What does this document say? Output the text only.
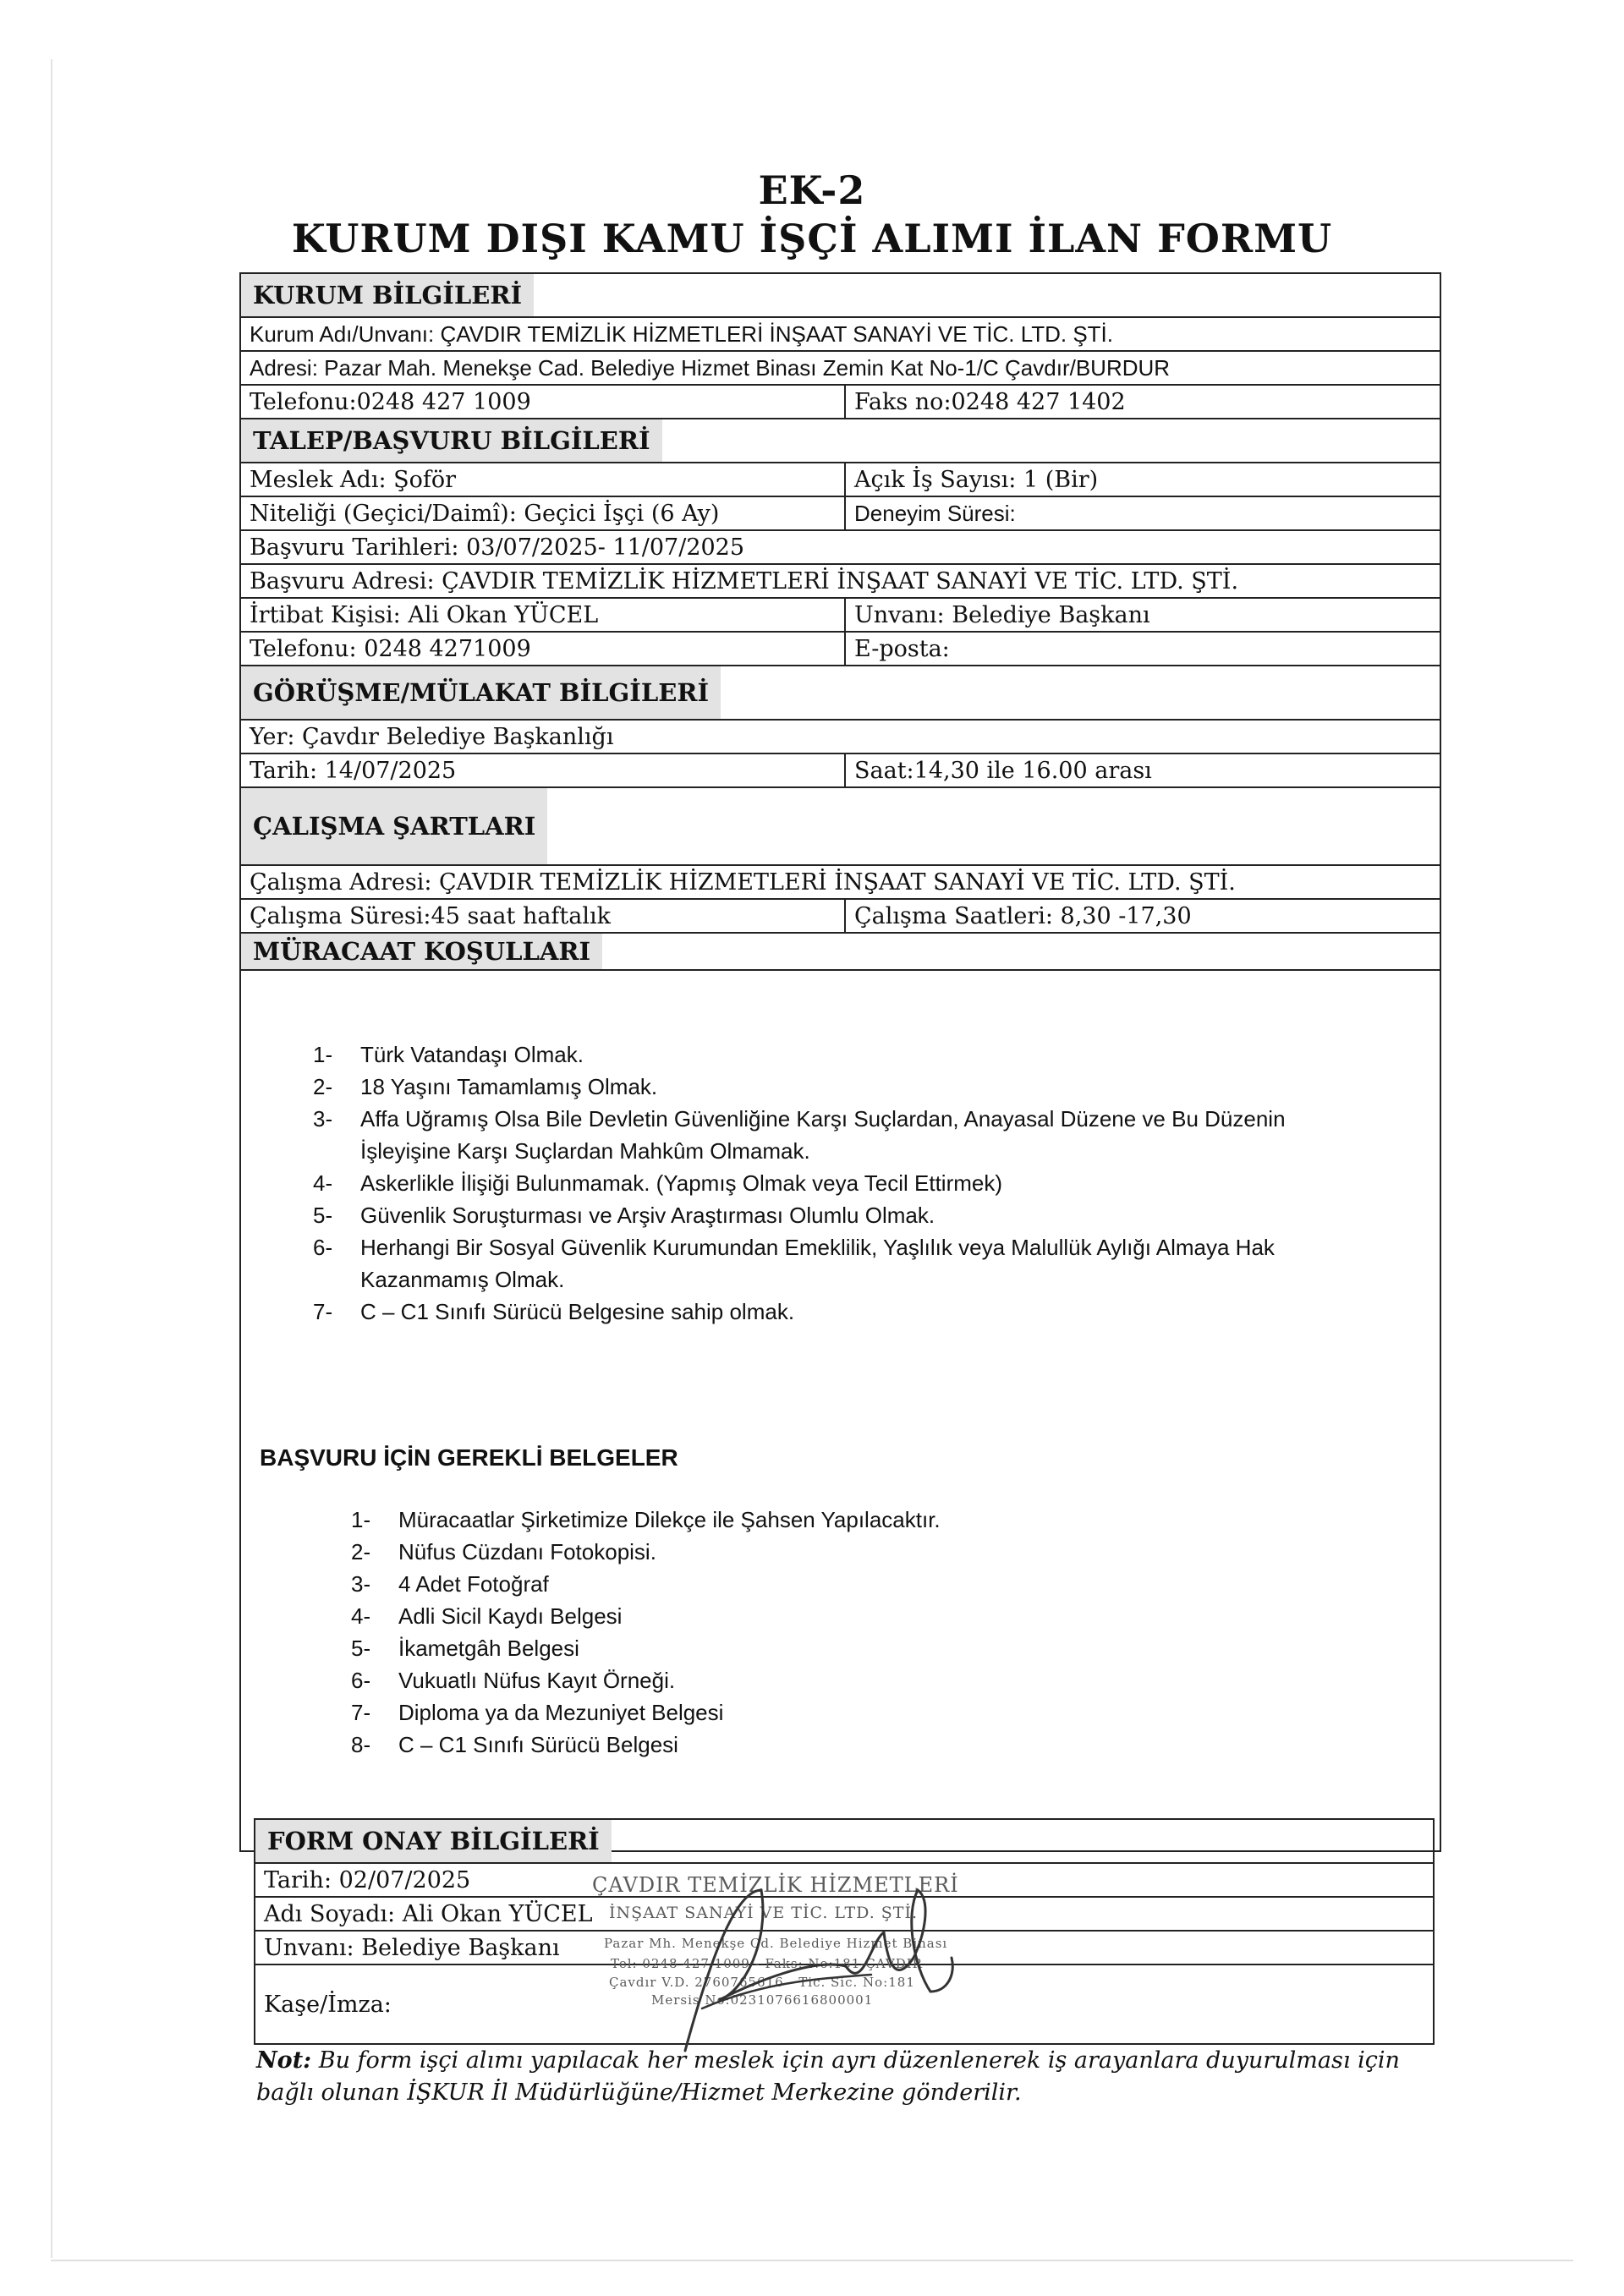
EK-2
KURUM DIŞI KAMU İŞÇİ ALIMI İLAN FORMU
KURUM BİLGİLERİ
Kurum Adı/Unvanı: ÇAVDIR TEMİZLİK HİZMETLERİ İNŞAAT SANAYİ VE TİC. LTD. ŞTİ.
Adresi: Pazar Mah. Menekşe Cad. Belediye Hizmet Binası Zemin Kat No-1/C Çavdır/BURDUR
Telefonu:0248 427 1009	Faks no:0248 427 1402
TALEP/BAŞVURU BİLGİLERİ
Meslek Adı: Şoför	Açık İş Sayısı: 1 (Bir)
Niteliği (Geçici/Daimî): Geçici İşçi (6 Ay)	Deneyim Süresi:
Başvuru Tarihleri: 03/07/2025- 11/07/2025
Başvuru Adresi: ÇAVDIR TEMİZLİK HİZMETLERİ İNŞAAT SANAYİ VE TİC. LTD. ŞTİ.
İrtibat Kişisi: Ali Okan YÜCEL	Unvanı: Belediye Başkanı
Telefonu: 0248 4271009	E-posta:
GÖRÜŞME/MÜLAKAT BİLGİLERİ
Yer: Çavdır Belediye Başkanlığı
Tarih: 14/07/2025	Saat:14,30 ile 16.00 arası
ÇALIŞMA ŞARTLARI
Çalışma Adresi: ÇAVDIR TEMİZLİK HİZMETLERİ İNŞAAT SANAYİ VE TİC. LTD. ŞTİ.
Çalışma Süresi:45 saat haftalık	Çalışma Saatleri: 8,30 -17,30
MÜRACAAT KOŞULLARI
1-	Türk Vatandaşı Olmak.
2-	18 Yaşını Tamamlamış Olmak.
3-	Affa Uğramış Olsa Bile Devletin Güvenliğine Karşı Suçlardan, Anayasal Düzene ve Bu Düzenin İşleyişine Karşı Suçlardan Mahkûm Olmamak.
4-	Askerlikle İlişiği Bulunmamak. (Yapmış Olmak veya Tecil Ettirmek)
5-	Güvenlik Soruşturması ve Arşiv Araştırması Olumlu Olmak.
6-	Herhangi Bir Sosyal Güvenlik Kurumundan Emeklilik, Yaşlılık veya Malullük Aylığı Almaya Hak Kazanmamış Olmak.
7-	C – C1 Sınıfı Sürücü Belgesine sahip olmak.
BAŞVURU İÇİN GEREKLİ BELGELER
1-	Müracaatlar Şirketimize Dilekçe ile Şahsen Yapılacaktır.
2-	Nüfus Cüzdanı Fotokopisi.
3-	4 Adet Fotoğraf
4-	Adli Sicil Kaydı Belgesi
5-	İkametgâh Belgesi
6-	Vukuatlı Nüfus Kayıt Örneği.
7-	Diploma ya da Mezuniyet Belgesi
8-	C – C1 Sınıfı Sürücü Belgesi
FORM ONAY BİLGİLERİ
Tarih: 02/07/2025
Adı Soyadı: Ali Okan YÜCEL
Unvanı: Belediye Başkanı
Kaşe/İmza:
ÇAVDIR TEMİZLİK HİZMETLERİ
İNŞAAT SANAYİ VE TİC. LTD. ŞTİ.
Pazar Mh. Menekşe Cd. Belediye Hizmet Binası
Tel: 0248 427 1009 - Faks: No:181-ÇAVDIR
Çavdır V.D. 2760765616 - Tic. Sic. No:181
Mersis No:0231076616800001
Not: Bu form işçi alımı yapılacak her meslek için ayrı düzenlenerek iş arayanlara duyurulması için bağlı olunan İŞKUR İl Müdürlüğüne/Hizmet Merkezine gönderilir.
